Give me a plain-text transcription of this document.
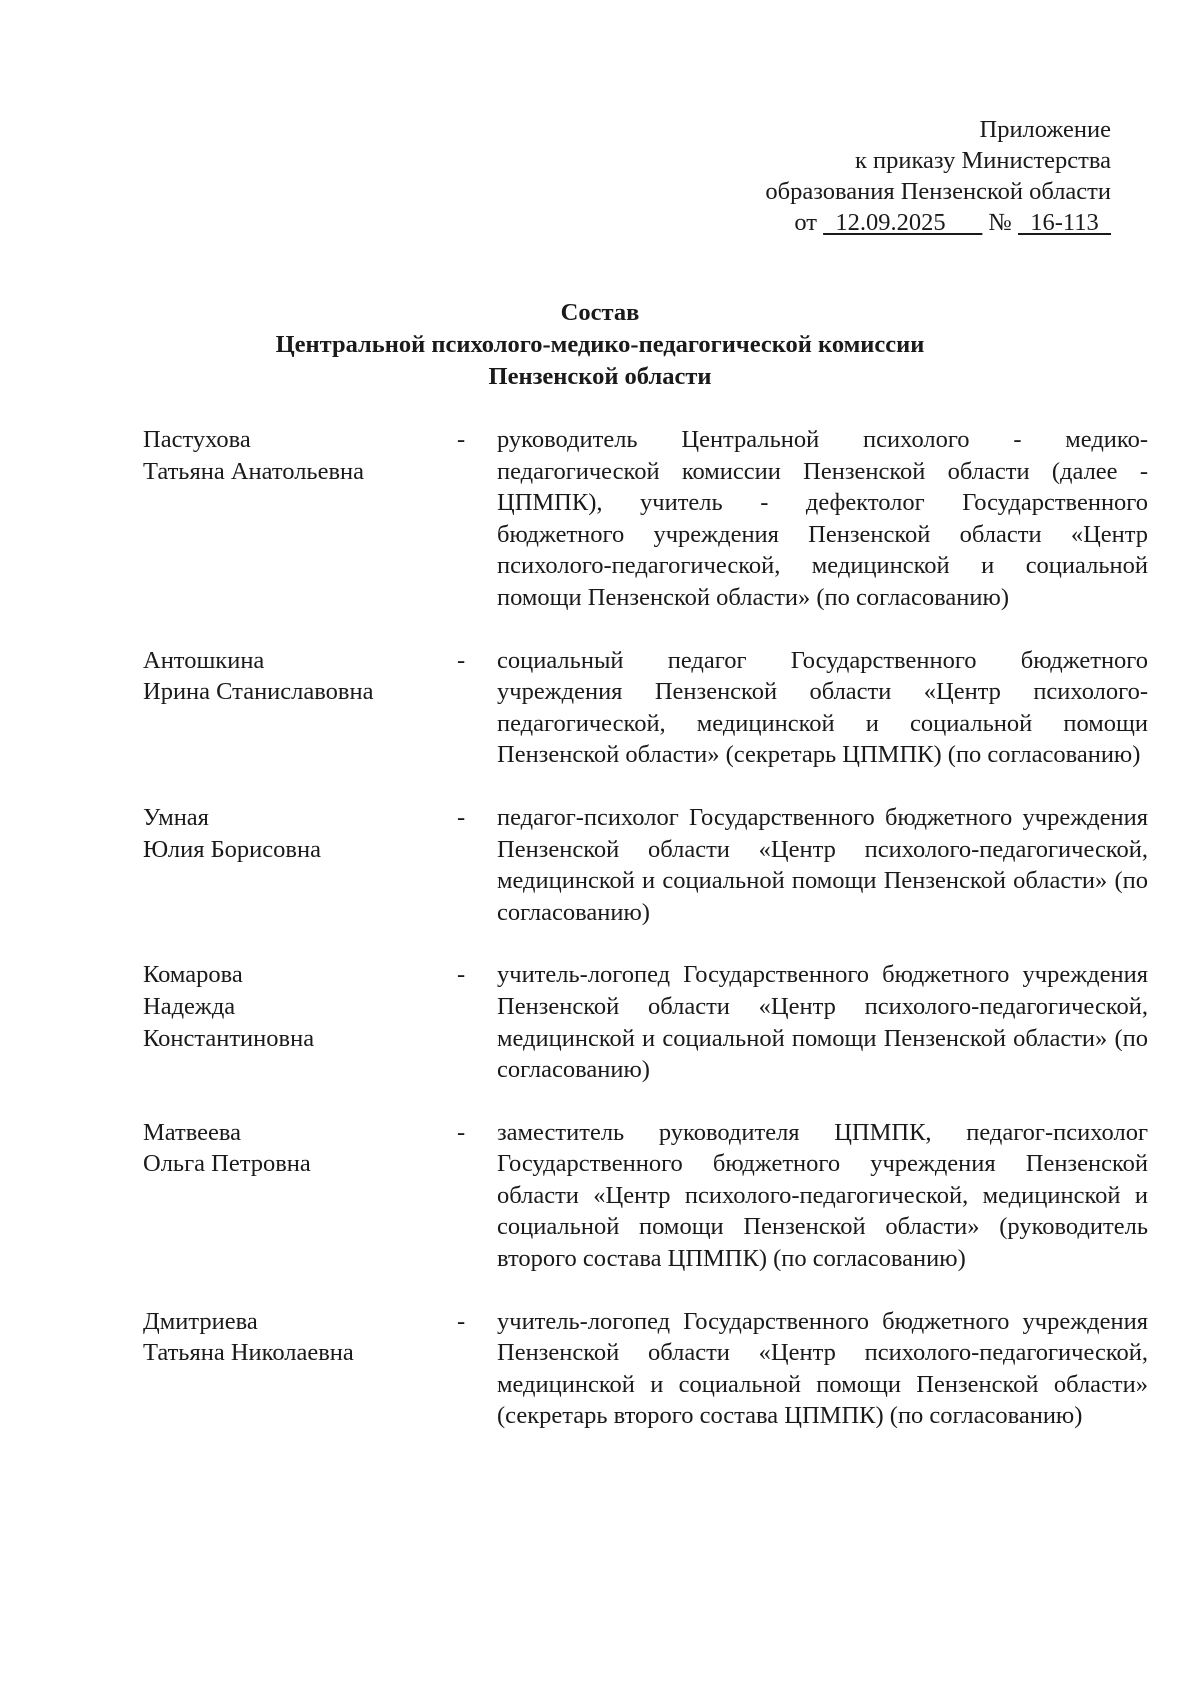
Приложение
к приказу Министерства
образования Пензенской области
от   12.09.2025       №   16-113
Состав
Центральной психолого-медико-педагогической комиссии
Пензенской области
Пастухова
Татьяна Анатольевна
-	руководитель Центральной психолого - медико-педагогической комиссии Пензенской области (далее - ЦПМПК), учитель - дефектолог Государственного бюджетного учреждения Пензенской области «Центр психолого-педагогической, медицинской и социальной помощи Пензенской области» (по согласованию)
Антошкина
Ирина Станиславовна
-	социальный педагог Государственного бюджетного учреждения Пензенской области «Центр психолого-педагогической, медицинской и социальной помощи Пензенской области» (секретарь ЦПМПК) (по согласованию)
Умная
Юлия Борисовна
-	педагог-психолог Государственного бюджетного учреждения Пензенской области «Центр психолого-педагогической, медицинской и социальной помощи Пензенской области» (по согласованию)
Комарова
Надежда
Константиновна
-	учитель-логопед Государственного бюджетного учреждения Пензенской области «Центр психолого-педагогической, медицинской и социальной помощи Пензенской области» (по согласованию)
Матвеева
Ольга Петровна
-	заместитель руководителя ЦПМПК, педагог-психолог Государственного бюджетного учреждения Пензенской области «Центр психолого-педагогической, медицинской и социальной помощи Пензенской области» (руководитель второго состава ЦПМПК) (по согласованию)
Дмитриева
Татьяна Николаевна
-	учитель-логопед Государственного бюджетного учреждения Пензенской области «Центр психолого-педагогической, медицинской и социальной помощи Пензенской области» (секретарь второго состава ЦПМПК) (по согласованию)
